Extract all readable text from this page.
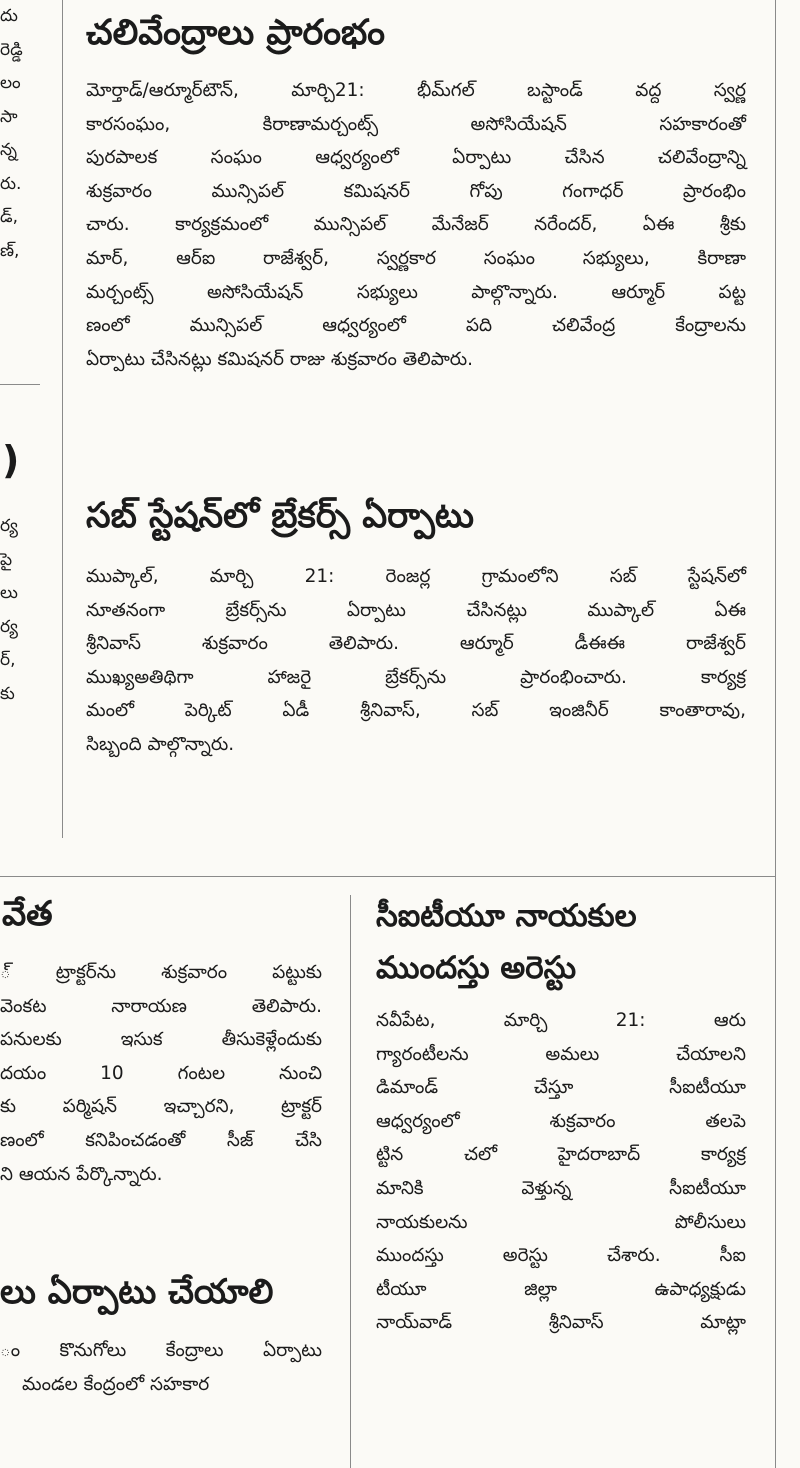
దు
రెడ్డి
లం
సా
న్న
రు.
డ్,
ణ్,
)
ర్య
పై
లు
ర్య
ర్,
కు
చలివేంద్రాలు ప్రారంభం
మోర్తాడ్/ఆర్మూర్‌టౌన్, మార్చి21: భీమ్‌గల్ బస్టాండ్ వద్ద స్వర్ణ
కారసంఘం, కిరాణామర్చంట్స్ అసోసియేషన్ సహకారంతో
పురపాలక సంఘం ఆధ్వర్యంలో ఏర్పాటు చేసిన చలివేంద్రాన్ని
శుక్రవారం మున్సిపల్ కమిషనర్ గోపు గంగాధర్ ప్రారంభిం
చారు. కార్యక్రమంలో మున్సిపల్ మేనేజర్ నరేందర్, ఏఈ శ్రీకు
మార్, ఆర్ఐ రాజేశ్వర్, స్వర్ణకార సంఘం సభ్యులు, కిరాణా
మర్చంట్స్ అసోసియేషన్ సభ్యులు పాల్గొన్నారు. ఆర్మూర్ పట్ట
ణంలో మున్సిపల్ ఆధ్వర్యంలో పది చలివేంద్ర కేంద్రాలను
ఏర్పాటు చేసినట్లు కమిషనర్ రాజు శుక్రవారం తెలిపారు.
సబ్ స్టేషన్‌లో బ్రేకర్స్ ఏర్పాటు
ముప్కాల్, మార్చి 21: రెంజర్ల గ్రామంలోని సబ్ స్టేషన్‌లో
నూతనంగా బ్రేకర్స్‌ను ఏర్పాటు చేసినట్లు ముప్కాల్ ఏఈ
శ్రీనివాస్ శుక్రవారం తెలిపారు. ఆర్మూర్ డీఈఈ రాజేశ్వర్
ముఖ్యఅతిథిగా హాజరై బ్రేకర్స్‌ను ప్రారంభించారు. కార్యక్ర
మంలో పెర్కిట్ ఏడీ శ్రీనివాస్, సబ్ ఇంజినీర్ కాంతారావు,
సిబ్బంది పాల్గొన్నారు.
వేత
్ ట్రాక్టర్‌ను శుక్రవారం పట్టుకు
వెంకట నారాయణ తెలిపారు.
పనులకు ఇసుక తీసుకెళ్లేందుకు
దయం 10 గంటల నుంచి
కు పర్మిషన్ ఇచ్చారని, ట్రాక్టర్
ణంలో కనిపించడంతో సీజ్ చేసి
ని ఆయన పేర్కొన్నారు.
లు ఏర్పాటు చేయాలి
ం కొనుగోలు కేంద్రాలు ఏర్పాటు
మండల కేంద్రంలో సహకార
సీఐటీయూ నాయకుల
ముందస్తు అరెస్టు
నవీపేట, మార్చి 21: ఆరు
గ్యారంటీలను అమలు చేయాలని
డిమాండ్ చేస్తూ సీఐటీయూ
ఆధ్వర్యంలో శుక్రవారం తలపె
ట్టిన చలో హైదరాబాద్ కార్యక్ర
మానికి వెళ్తున్న సీఐటీయూ
నాయకులను పోలీసులు
ముందస్తు అరెస్టు చేశారు. సీఐ
టీయూ జిల్లా ఉపాధ్యక్షుడు
నాయ్‌వాడ్ శ్రీనివాస్ మాట్లా
